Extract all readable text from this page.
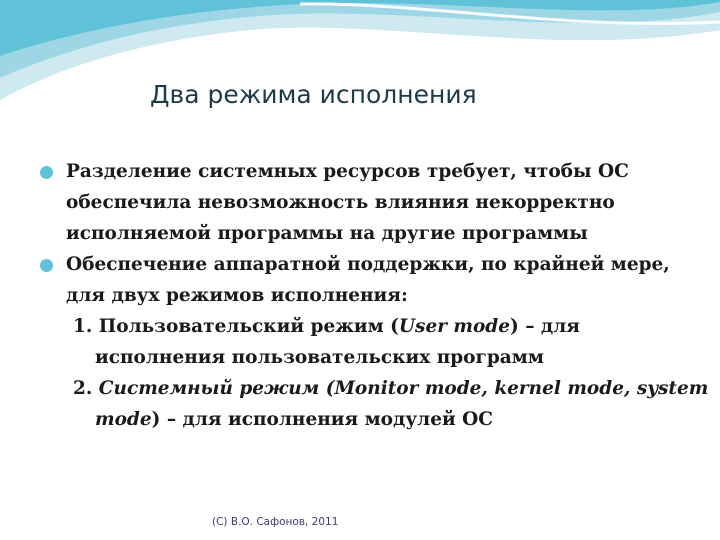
Два режима исполнения
Разделение системных ресурсов требует, чтобы ОС обеспечила невозможность влияния некорректно исполняемой программы на другие программы
Обеспечение аппаратной поддержки, по крайней мере, для двух режимов исполнения:
1. Пользовательский режим (User mode) – для исполнения пользовательских программ
2. Системный режим (Monitor mode, kernel mode, system mode) – для исполнения модулей ОС
(C) В.О. Сафонов, 2011
